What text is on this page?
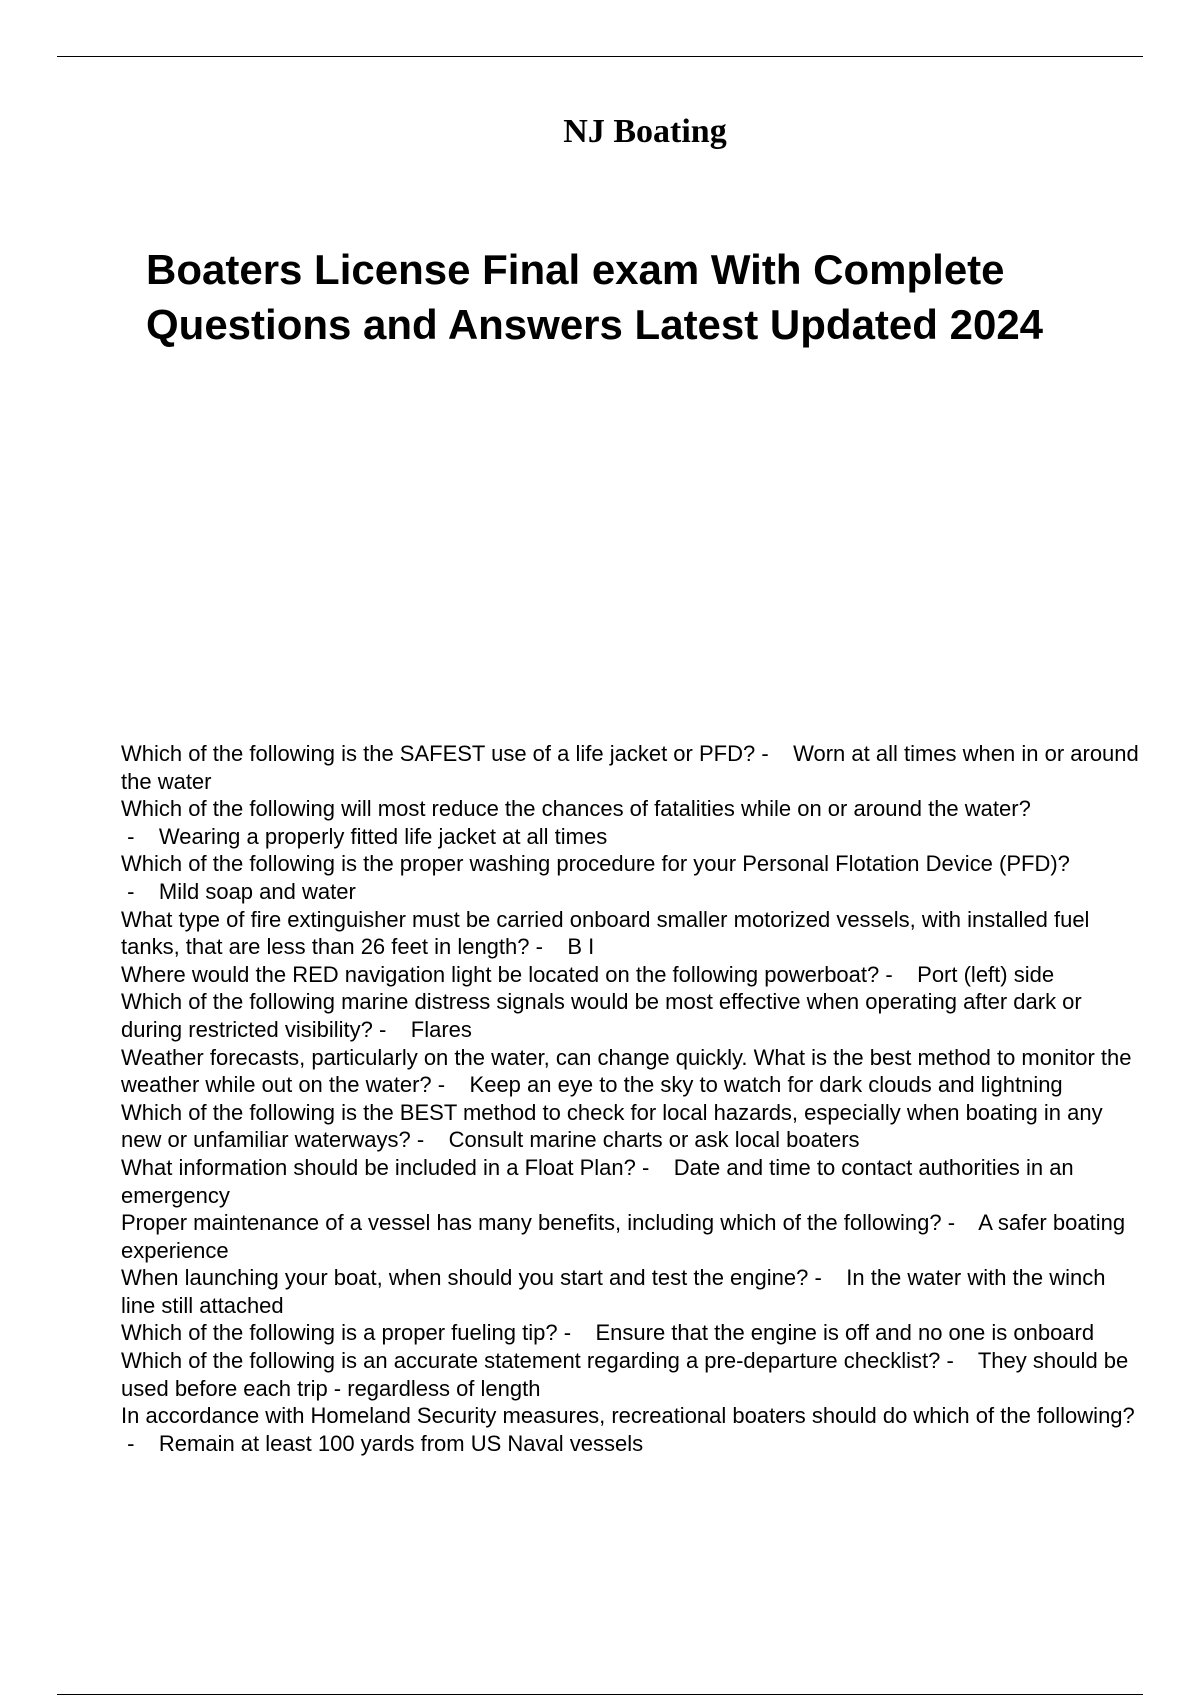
NJ Boating
Boaters License Final exam With Complete Questions and Answers Latest Updated 2024
Which of the following is the SAFEST use of a life jacket or PFD? -    Worn at all times when in or around the water
Which of the following will most reduce the chances of fatalities while on or around the water? -    Wearing a properly fitted life jacket at all times
Which of the following is the proper washing procedure for your Personal Flotation Device (PFD)? -    Mild soap and water
What type of fire extinguisher must be carried onboard smaller motorized vessels, with installed fuel tanks, that are less than 26 feet in length? -    B I
Where would the RED navigation light be located on the following powerboat? -    Port (left) side
Which of the following marine distress signals would be most effective when operating after dark or during restricted visibility? -    Flares
Weather forecasts, particularly on the water, can change quickly. What is the best method to monitor the weather while out on the water? -    Keep an eye to the sky to watch for dark clouds and lightning
Which of the following is the BEST method to check for local hazards, especially when boating in any new or unfamiliar waterways? -    Consult marine charts or ask local boaters
What information should be included in a Float Plan? -    Date and time to contact authorities in an emergency
Proper maintenance of a vessel has many benefits, including which of the following? -    A safer boating experience
When launching your boat, when should you start and test the engine? -    In the water with the winch line still attached
Which of the following is a proper fueling tip? -    Ensure that the engine is off and no one is onboard
Which of the following is an accurate statement regarding a pre-departure checklist? -    They should be used before each trip - regardless of length
In accordance with Homeland Security measures, recreational boaters should do which of the following? -    Remain at least 100 yards from US Naval vessels
